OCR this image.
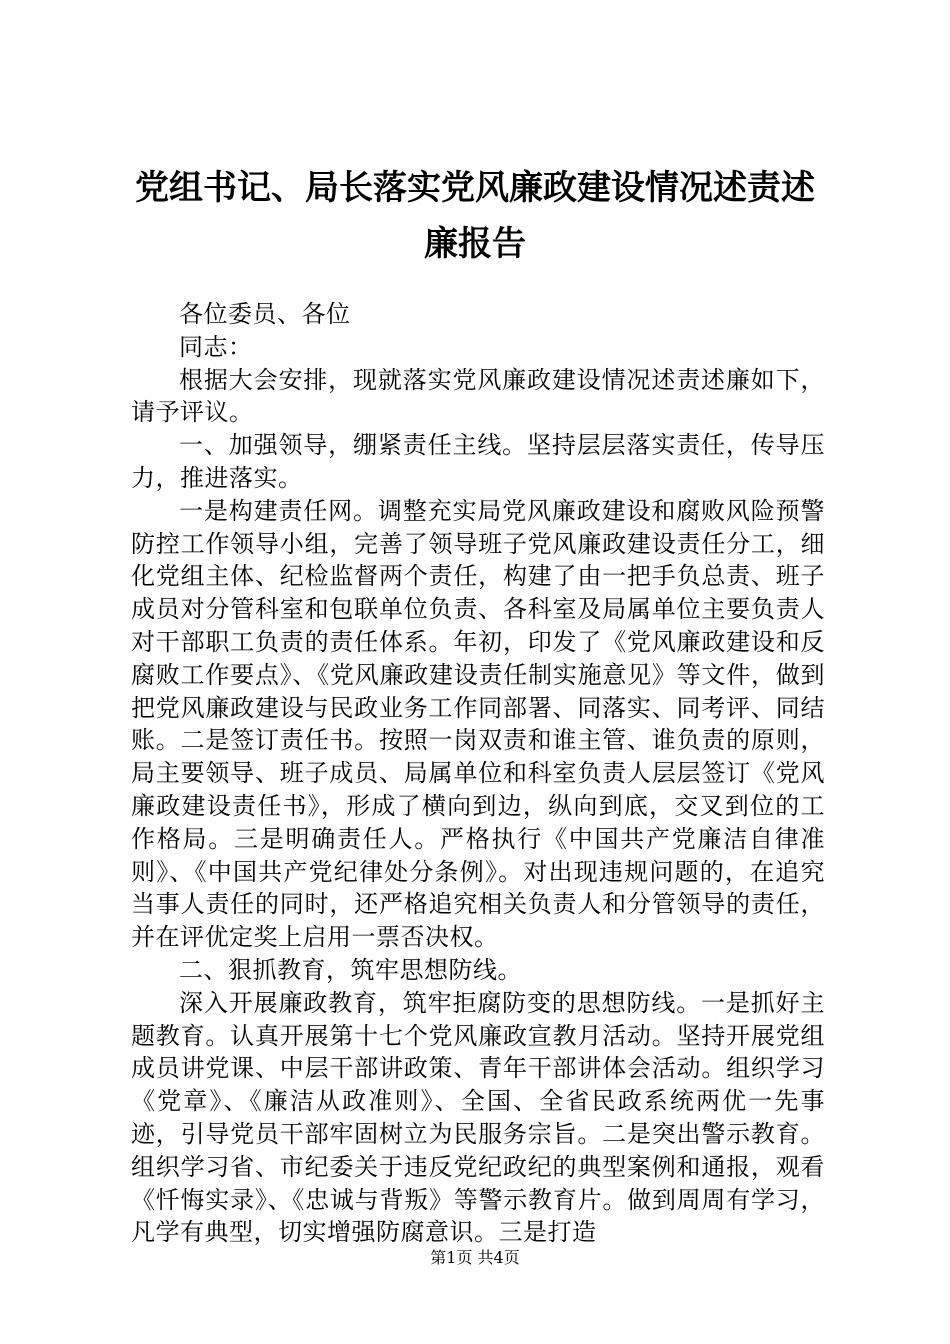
党组书记、局长落实党风廉政建设情况述责述廉报告

各位委员、各位

同志：

根据大会安排，现就落实党风廉政建设情况述责述廉如下，请予评议。

一、加强领导，绷紧责任主线。坚持层层落实责任，传导压力，推进落实。

一是构建责任网。调整充实局党风廉政建设和腐败风险预警防控工作领导小组，完善了领导班子党风廉政建设责任分工，细化党组主体、纪检监督两个责任，构建了由一把手负总责、班子成员对分管科室和包联单位负责、各科室及局属单位主要负责人对干部职工负责的责任体系。年初，印发了《党风廉政建设和反腐败工作要点》、《党风廉政建设责任制实施意见》等文件，做到把党风廉政建设与民政业务工作同部署、同落实、同考评、同结账。二是签订责任书。按照一岗双责和谁主管、谁负责的原则，局主要领导、班子成员、局属单位和科室负责人层层签订《党风廉政建设责任书》，形成了横向到边，纵向到底，交叉到位的工作格局。三是明确责任人。严格执行《中国共产党廉洁自律准则》、《中国共产党纪律处分条例》。对出现违规问题的，在追究当事人责任的同时，还严格追究相关负责人和分管领导的责任，并在评优定奖上启用一票否决权。

二、狠抓教育，筑牢思想防线。

深入开展廉政教育，筑牢拒腐防变的思想防线。一是抓好主题教育。认真开展第十七个党风廉政宣教月活动。坚持开展党组成员讲党课、中层干部讲政策、青年干部讲体会活动。组织学习《党章》、《廉洁从政准则》、全国、全省民政系统两优一先事迹，引导党员干部牢固树立为民服务宗旨。二是突出警示教育。组织学习省、市纪委关于违反党纪政纪的典型案例和通报，观看《忏悔实录》、《忠诚与背叛》等警示教育片。做到周周有学习，凡学有典型，切实增强防腐意识。三是打造

第1页 共4页
